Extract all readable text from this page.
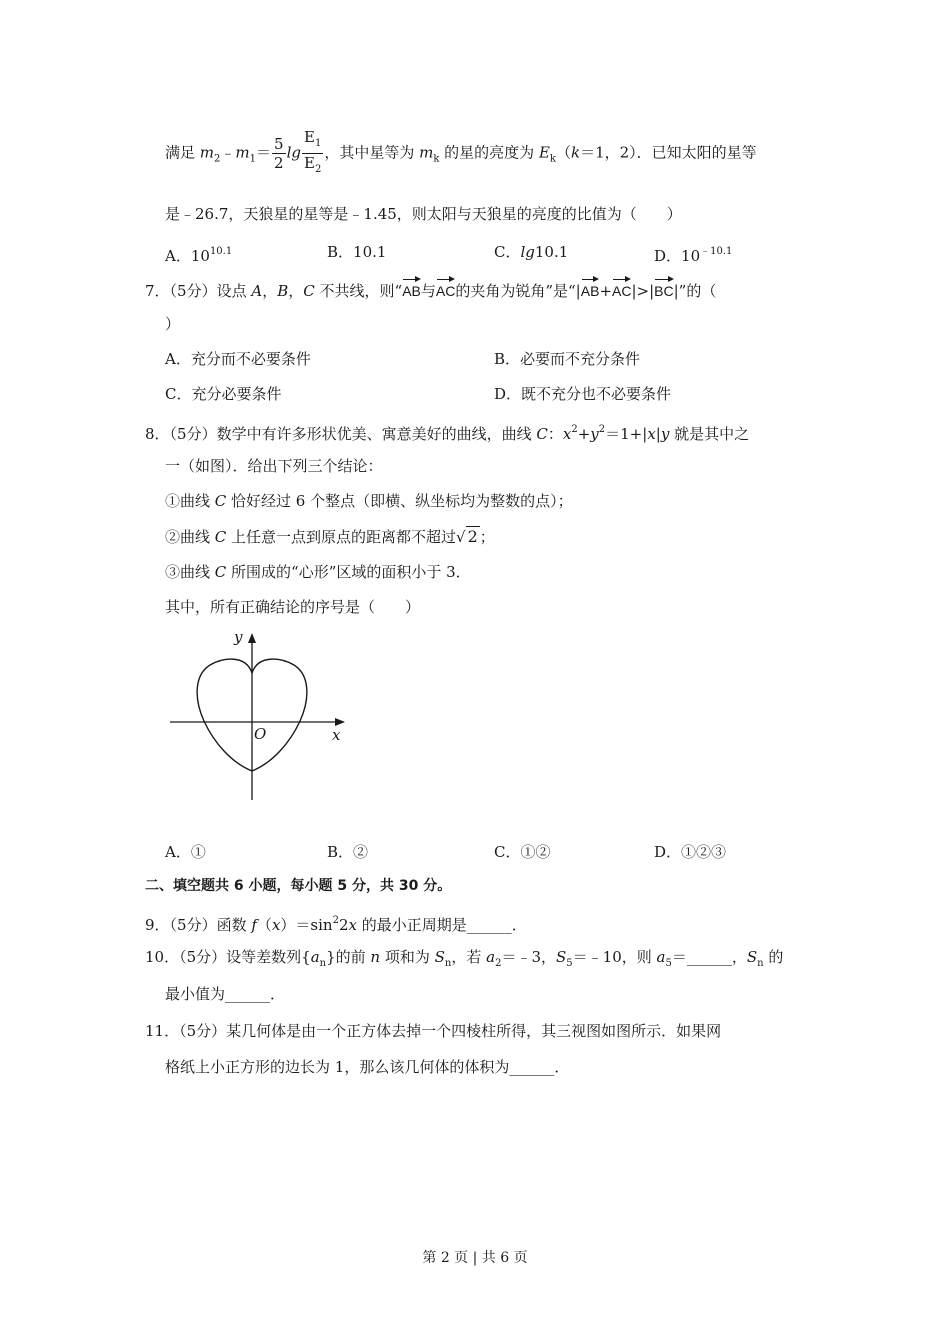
满足 $m_2﹣m_1= \frac{5}{2}$ $\lg \frac{E_1}{E_2}$ ，其中星等为 $m_k$ 的星的亮度为 $E_k(k=1$，2）．已知太阳的星等
是﹣26.7，天狼星的星等是﹣1.45，则太阳与天狼星的亮度的比值为（　　）
A．$10^{10.1}$	B．10.1	C．lg10.1	D．$10^{﹣10.1}$
7．（5分）设点 A，B，C 不共线，则“AB与AC的夹角为锐角”是“|AB+AC|>|BC|”的（
）
A．充分而不必要条件	B．必要而不充分条件
C．充分必要条件	D．既不充分也不必要条件
8．（5分）数学中有许多形状优美、寓意美好的曲线，曲线 C：$x^2+y^2=1+|x|y$ 就是其中之
一（如图）．给出下列三个结论：
①曲线 C 恰好经过 6 个整点（即横、纵坐标均为整数的点）；
②曲线 C 上任意一点到原点的距离都不超过√ 2 ；
③曲线 C 所围成的“心形”区域的面积小于 3．
其中，所有正确结论的序号是（　　）
y
x
O
A．①	B．②	C．①②	D．①②③
二、填空题共 6 小题，每小题 5 分，共 30 分。
9．（5分）函数 $f(x)=\sin^22x$ 的最小正周期是______．
10．（5分）设等差数列$\{a_n\}$的前 n 项和为 $S_n$，若 $a_2=﹣3$，$S_5=﹣10$，则 $a_5=\_\_\_\_\_\_$，$S_n$ 的
最小值为______．
11．（5分）某几何体是由一个正方体去掉一个四棱柱所得，其三视图如图所示．如果网
格纸上小正方形的边长为 1，那么该几何体的体积为______．
第 2 页 | 共 6 页
